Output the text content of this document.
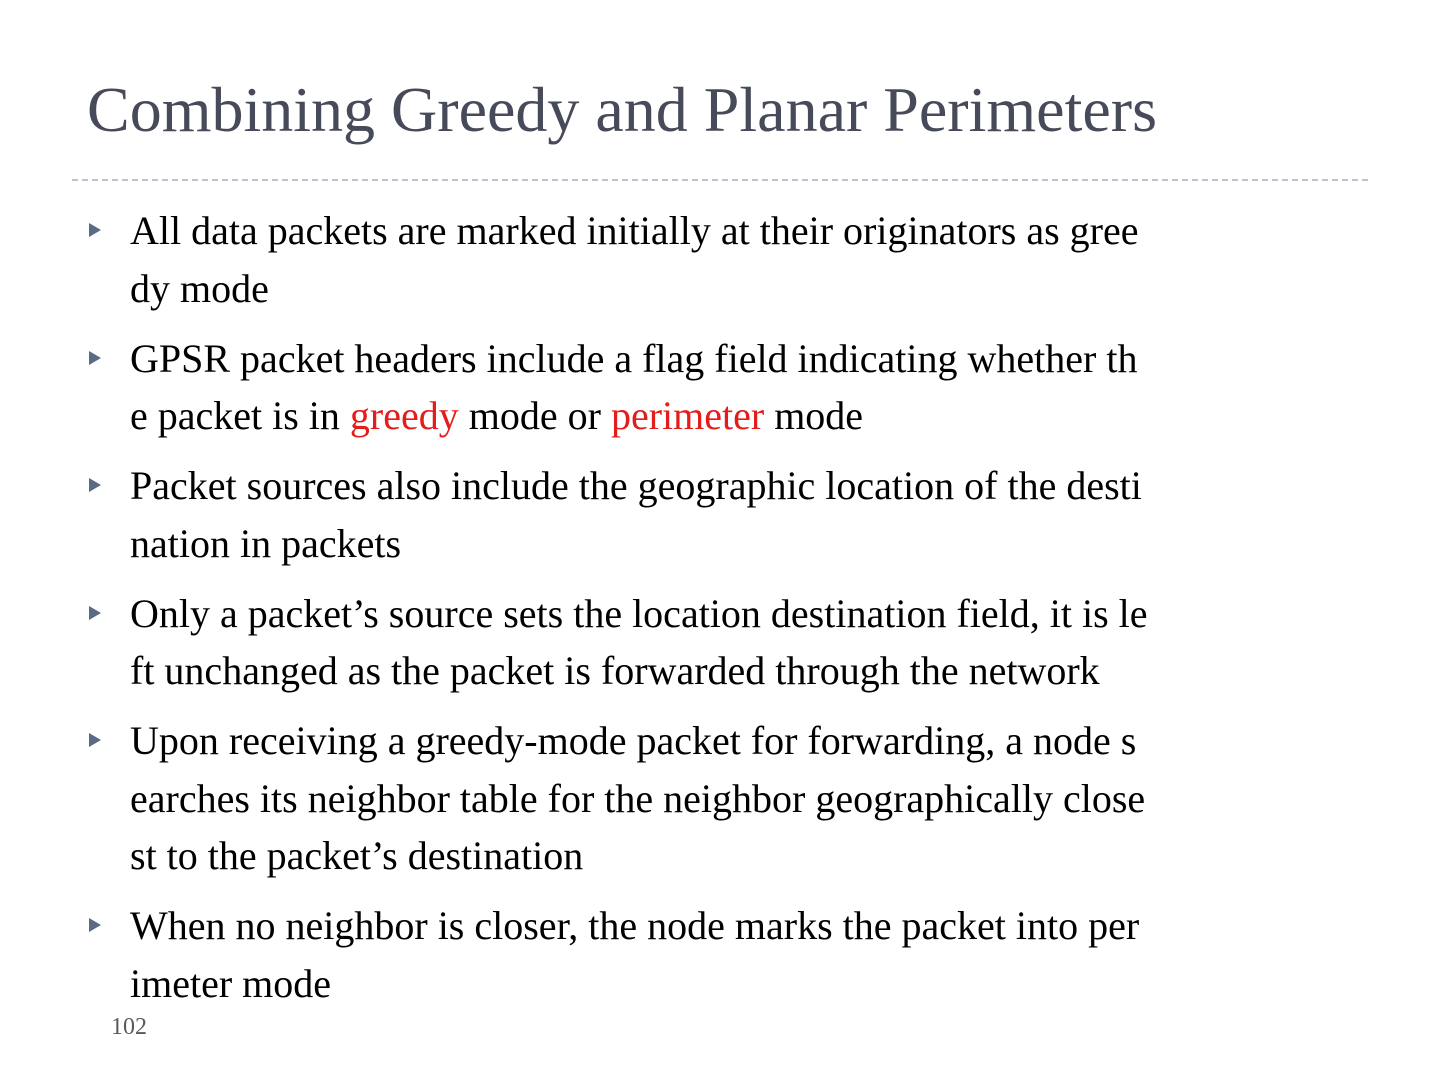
Combining Greedy and Planar Perimeters
All data packets are marked initially at their originators as gree
dy mode
GPSR packet headers include a flag field indicating whether th
e packet is in greedy mode or perimeter mode
Packet sources also include the geographic location of the desti
nation in packets
Only a packet’s source sets the location destination field, it is le
ft unchanged as the packet is forwarded through the network
Upon receiving a greedy-mode packet for forwarding, a node s
earches its neighbor table for the neighbor geographically close
st to the packet’s destination
When no neighbor is closer, the node marks the packet into per
imeter mode
102
